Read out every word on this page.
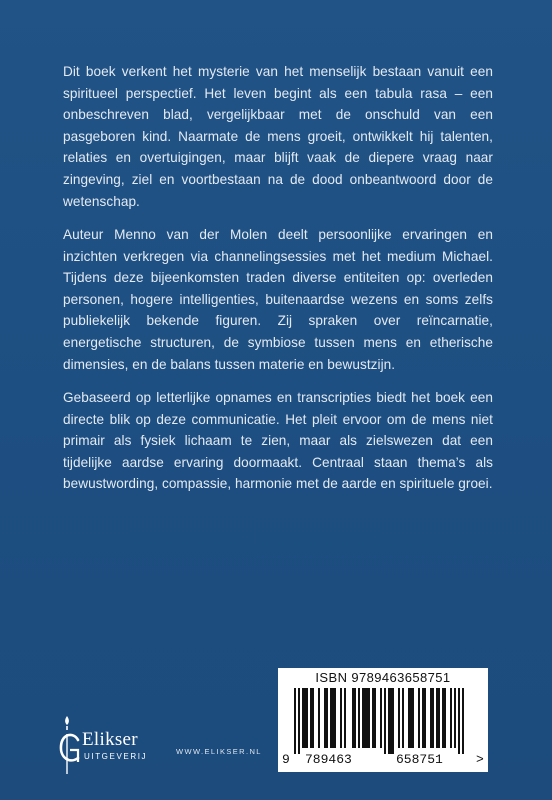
Dit boek verkent het mysterie van het menselijk bestaan vanuit een spiritueel perspectief. Het leven begint als een tabula rasa – een onbeschreven blad, vergelijkbaar met de onschuld van een pasgeboren kind. Naarmate de mens groeit, ontwikkelt hij talenten, relaties en overtuigingen, maar blijft vaak de diepere vraag naar zingeving, ziel en voortbestaan na de dood onbeantwoord door de wetenschap.

Auteur Menno van der Molen deelt persoonlijke ervaringen en inzichten verkregen via channelingsessies met het medium Michael. Tijdens deze bijeenkomsten traden diverse entiteiten op: overleden personen, hogere intelligenties, buitenaardse wezens en soms zelfs publiekelijk bekende figuren. Zij spraken over reïncarnatie, energetische structuren, de symbiose tussen mens en etherische dimensies, en de balans tussen materie en bewustzijn.

Gebaseerd op letterlijke opnames en transcripties biedt het boek een directe blik op deze communicatie. Het pleit ervoor om de mens niet primair als fysiek lichaam te zien, maar als zielswezen dat een tijdelijke aardse ervaring doormaakt. Centraal staan thema’s als bewustwording, compassie, harmonie met de aarde en spirituele groei.

Elikser
UITGEVERIJ
WWW.ELIKSER.NL
ISBN 9789463658751
9 789463	658751	>
